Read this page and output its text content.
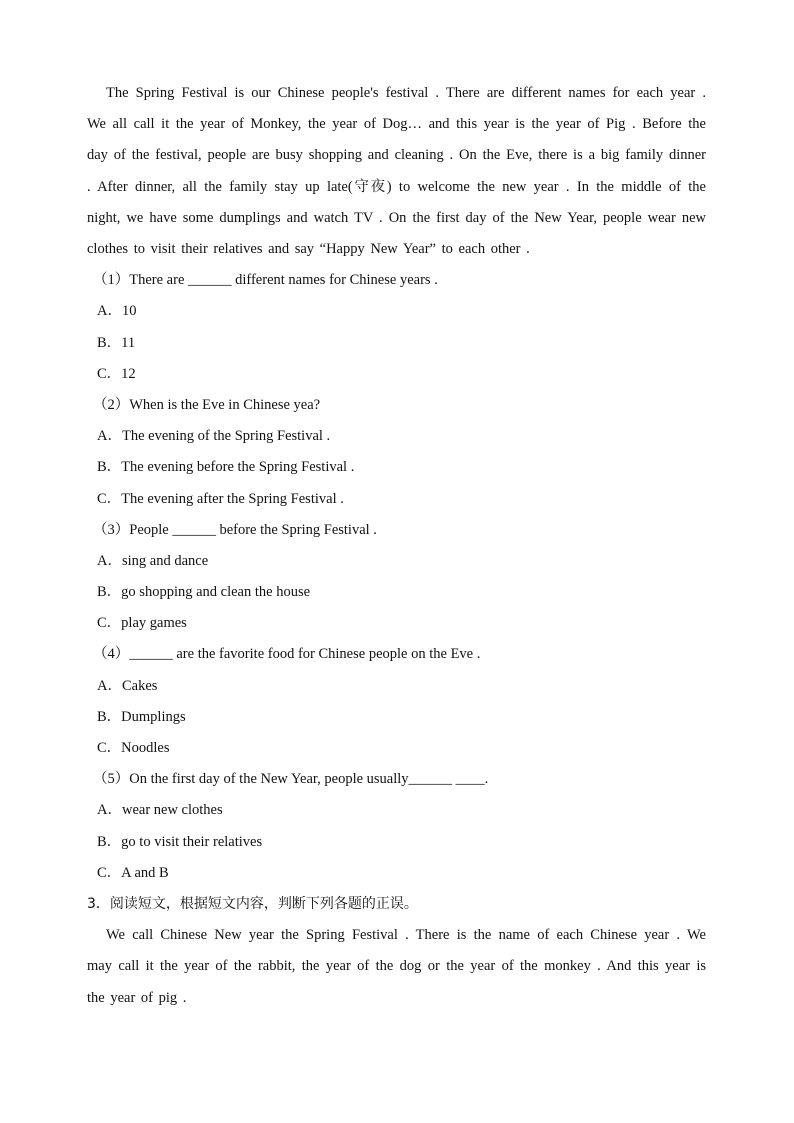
The Spring Festival is our Chinese people's festival . There are different names for each year . We all call it the year of Monkey, the year of Dog… and this year is the year of Pig . Before the day of the festival, people are busy shopping and cleaning . On the Eve, there is a big family dinner . After dinner, all the family stay up late(守夜) to welcome the new year . In the middle of the night, we have some dumplings and watch TV . On the first day of the New Year, people wear new clothes to visit their relatives and say “Happy New Year” to each other .

（1）There are ______ different names for Chinese years .

A．10

B．11

C．12

（2）When is the Eve in Chinese yea?

A．The evening of the Spring Festival .

B．The evening before the Spring Festival .

C．The evening after the Spring Festival .

（3）People ______ before the Spring Festival .

A．sing and dance

B．go shopping and clean the house

C．play games

（4）______ are the favorite food for Chinese people on the Eve .

A．Cakes

B．Dumplings

C．Noodles

（5）On the first day of the New Year, people usually______ ____.

A．wear new clothes

B．go to visit their relatives

C．A and B

3．阅读短文，根据短文内容，判断下列各题的正误。

We call Chinese New year the Spring Festival . There is the name of each Chinese year . We may call it the year of the rabbit, the year of the dog or the year of the monkey . And this year is the year of pig .
